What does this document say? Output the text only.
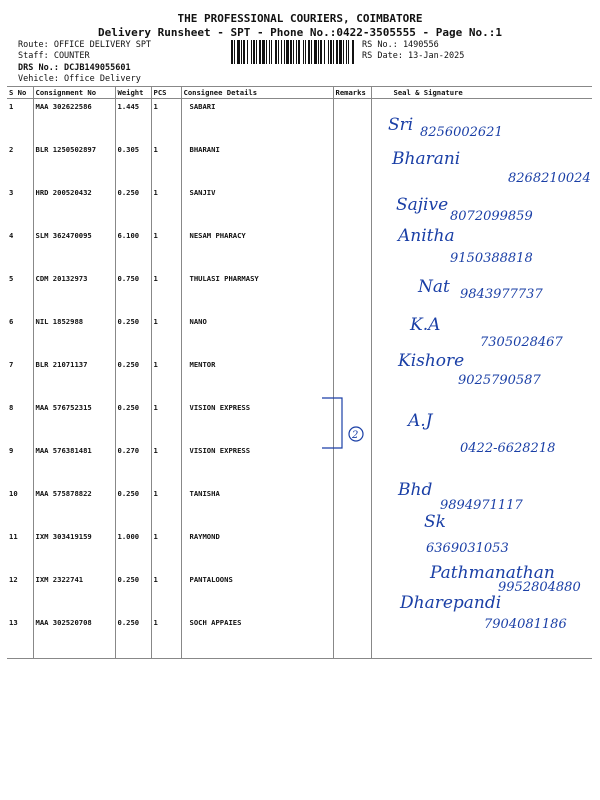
THE PROFESSIONAL COURIERS, COIMBATORE
Delivery Runsheet - SPT - Phone No.:0422-3505555 - Page No.:1
Route: OFFICE DELIVERY SPT
Staff: COUNTER
DRS No.: DCJB149055601
Vehicle: Office Delivery
RS No.: 1490556
RS Date: 13-Jan-2025
S No	Consignment No	Weight	PCS	Consignee Details	Remarks	Seal & Signature
1	MAA 302622586	1.445	1	SABARI		
2	BLR 1250502897	0.305	1	BHARANI		
3	HRD 200520432	0.250	1	SANJIV		
4	SLM 362470095	6.100	1	NESAM PHARACY		
5	CDM 20132973	0.750	1	THULASI PHARMASY		
6	NIL 1852988	0.250	1	NANO		
7	BLR 21071137	0.250	1	MENTOR		
8	MAA 576752315	0.250	1	VISION EXPRESS		
9	MAA 576381481	0.270	1	VISION EXPRESS		
10	MAA 575878822	0.250	1	TANISHA		
11	IXM 303419159	1.000	1	RAYMOND		
12	IXM 2322741	0.250	1	PANTALOONS		
13	MAA 302520708	0.250	1	SOCH APPAIES		
2
Sri 8256002621
Bharani
8268210024
Sajive
8072099859
Anitha
9150388818
Nat 9843977737
K.A
7305028467
Kishore
9025790587
A.J
0422-6628218
Bhd
9894971117
Sk
6369031053
Pathmanathan
9952804880
Dharepandi
7904081186
